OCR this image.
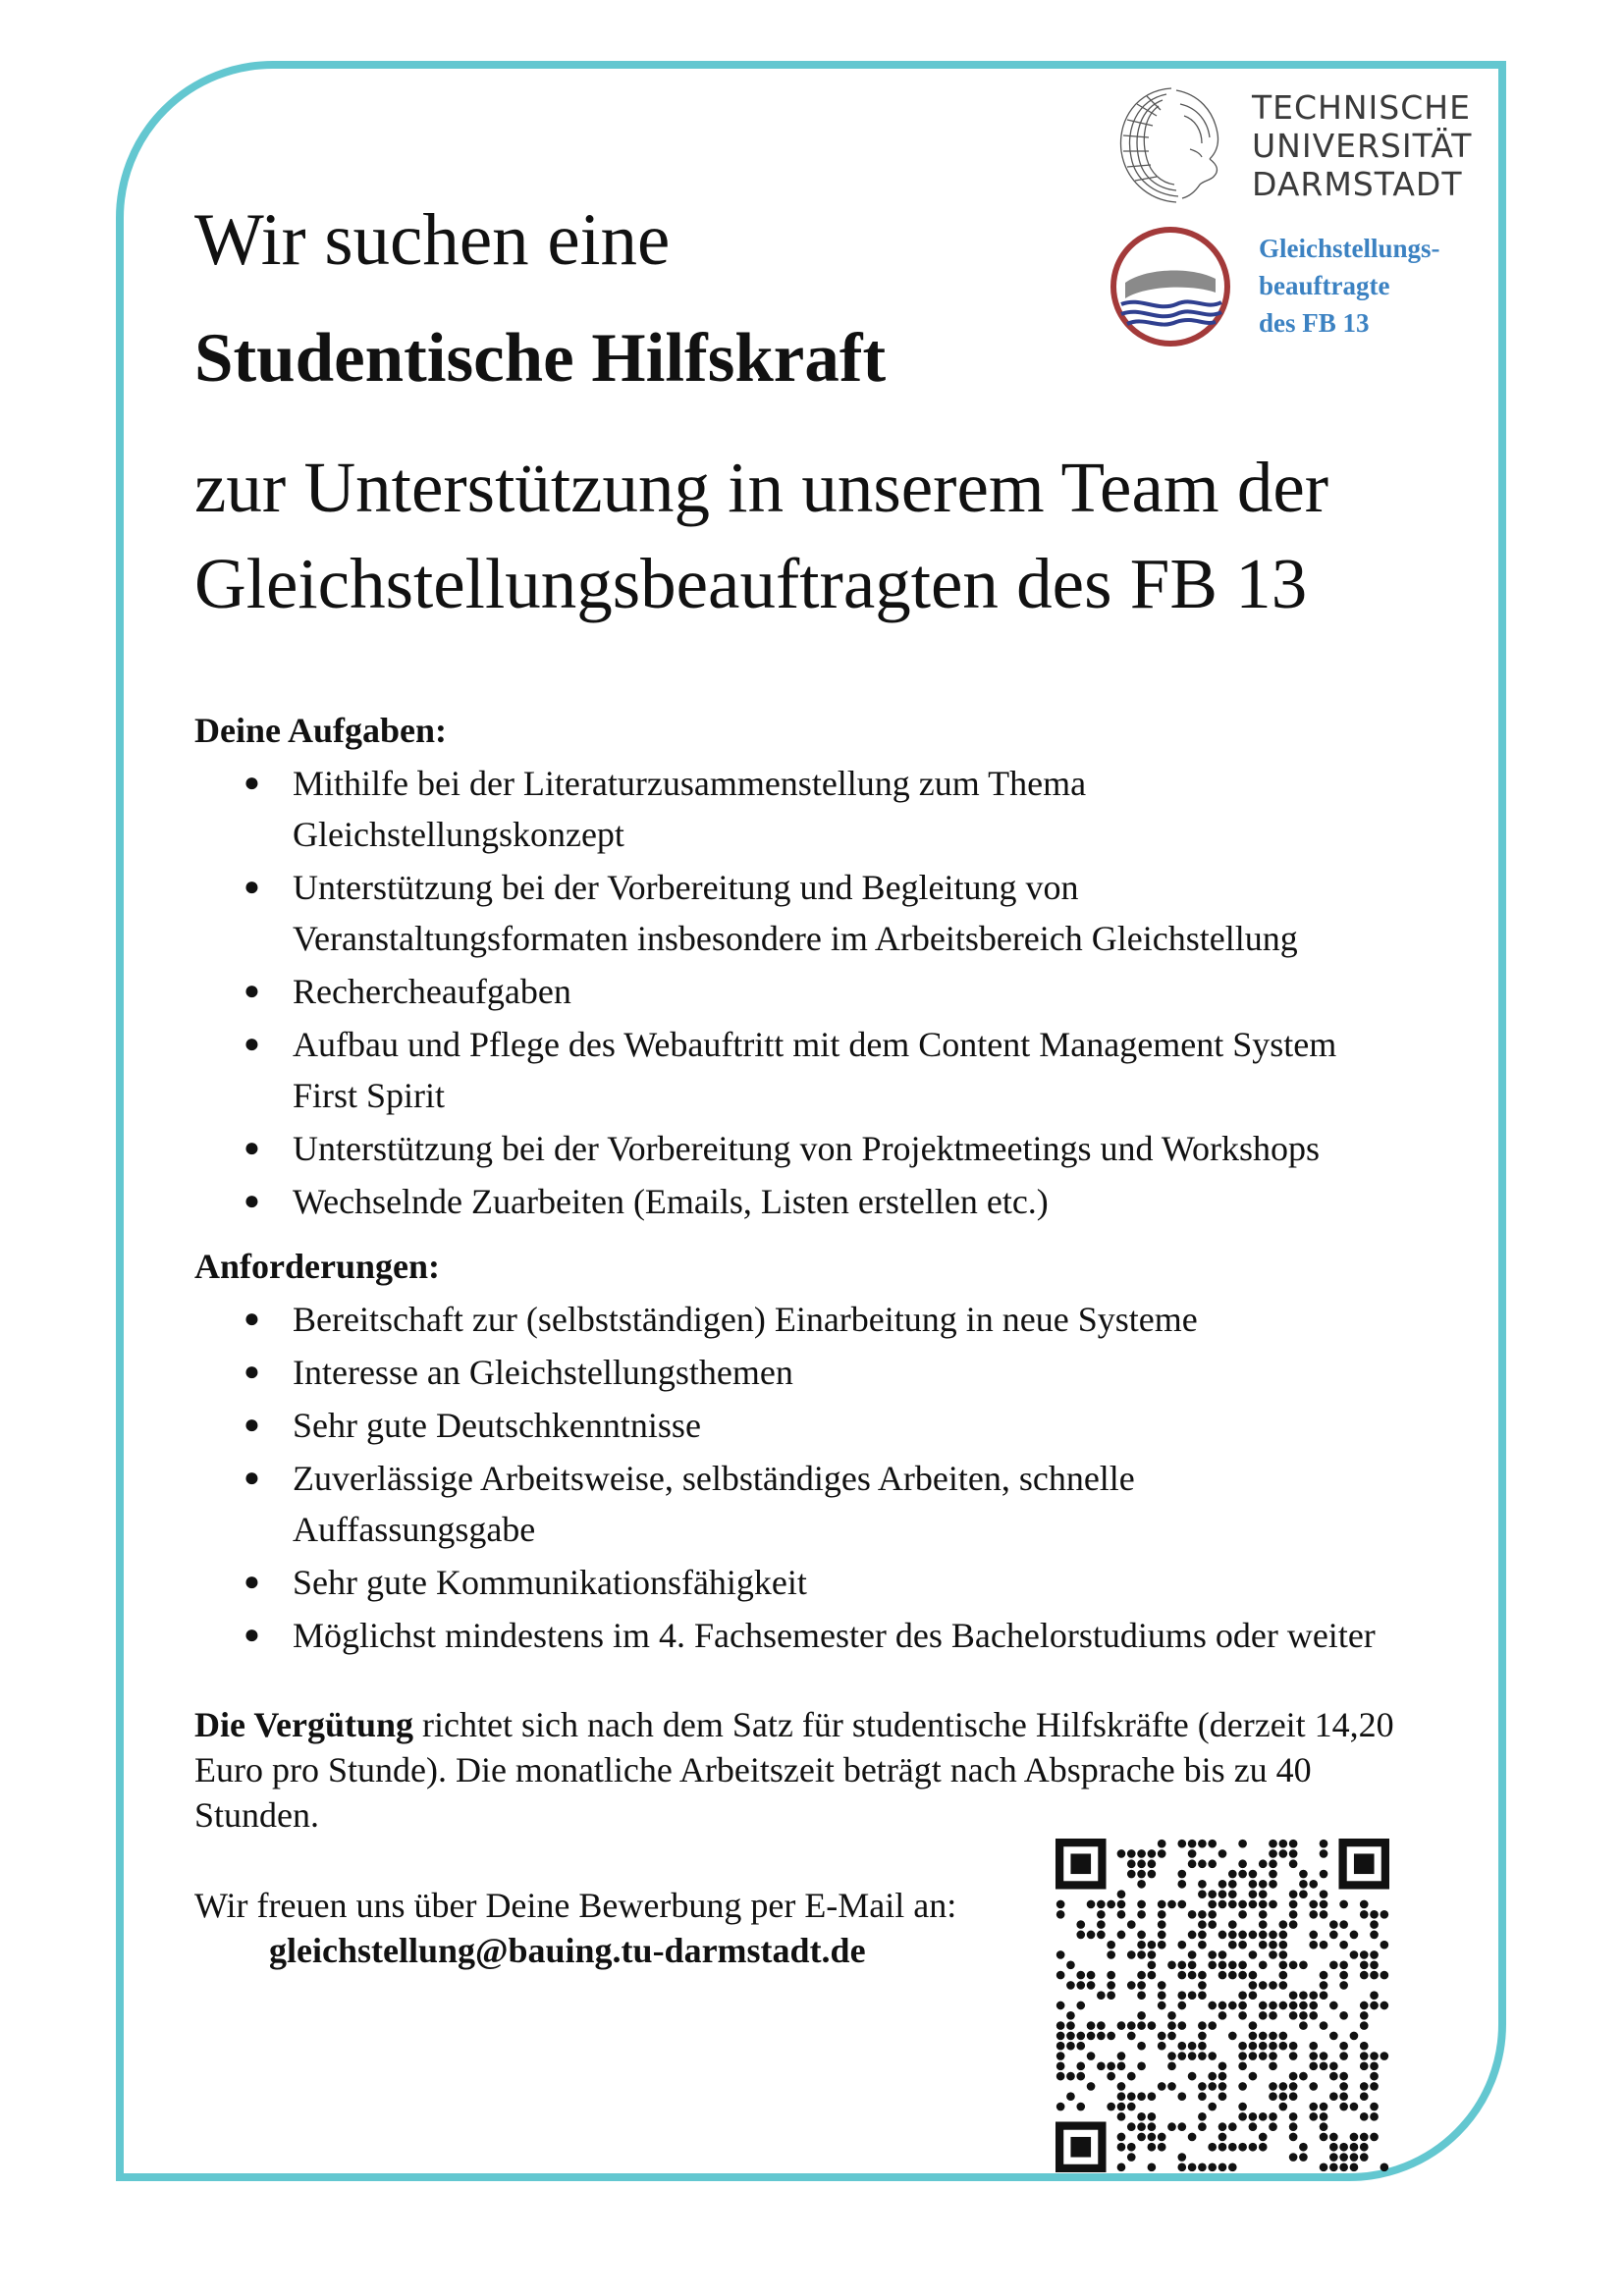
TECHNISCHE
UNIVERSITÄT
DARMSTADT
Gleichstellungs-
beauftragte
des FB 13
Wir suchen eine
Studentische Hilfskraft
zur Unterstützung in unserem Team der
Gleichstellungsbeauftragten des FB 13

Deine Aufgaben:

● Mithilfe bei der Literaturzusammenstellung zum Thema
Gleichstellungskonzept
● Unterstützung bei der Vorbereitung und Begleitung von
Veranstaltungsformaten insbesondere im Arbeitsbereich Gleichstellung
● Rechercheaufgaben
● Aufbau und Pflege des Webauftritt mit dem Content Management System
First Spirit
● Unterstützung bei der Vorbereitung von Projektmeetings und Workshops
● Wechselnde Zuarbeiten (Emails, Listen erstellen etc.)

Anforderungen:

● Bereitschaft zur (selbstständigen) Einarbeitung in neue Systeme
● Interesse an Gleichstellungsthemen
● Sehr gute Deutschkenntnisse
● Zuverlässige Arbeitsweise, selbständiges Arbeiten, schnelle
Auffassungsgabe
● Sehr gute Kommunikationsfähigkeit
● Möglichst mindestens im 4. Fachsemester des Bachelorstudiums oder weiter
Die Vergütung richtet sich nach dem Satz für studentische Hilfskräfte (derzeit 14,20 Euro pro Stunde). Die monatliche Arbeitszeit beträgt nach Absprache bis zu 40 Stunden.
Wir freuen uns über Deine Bewerbung per E-Mail an:
gleichstellung@bauing.tu-darmstadt.de
